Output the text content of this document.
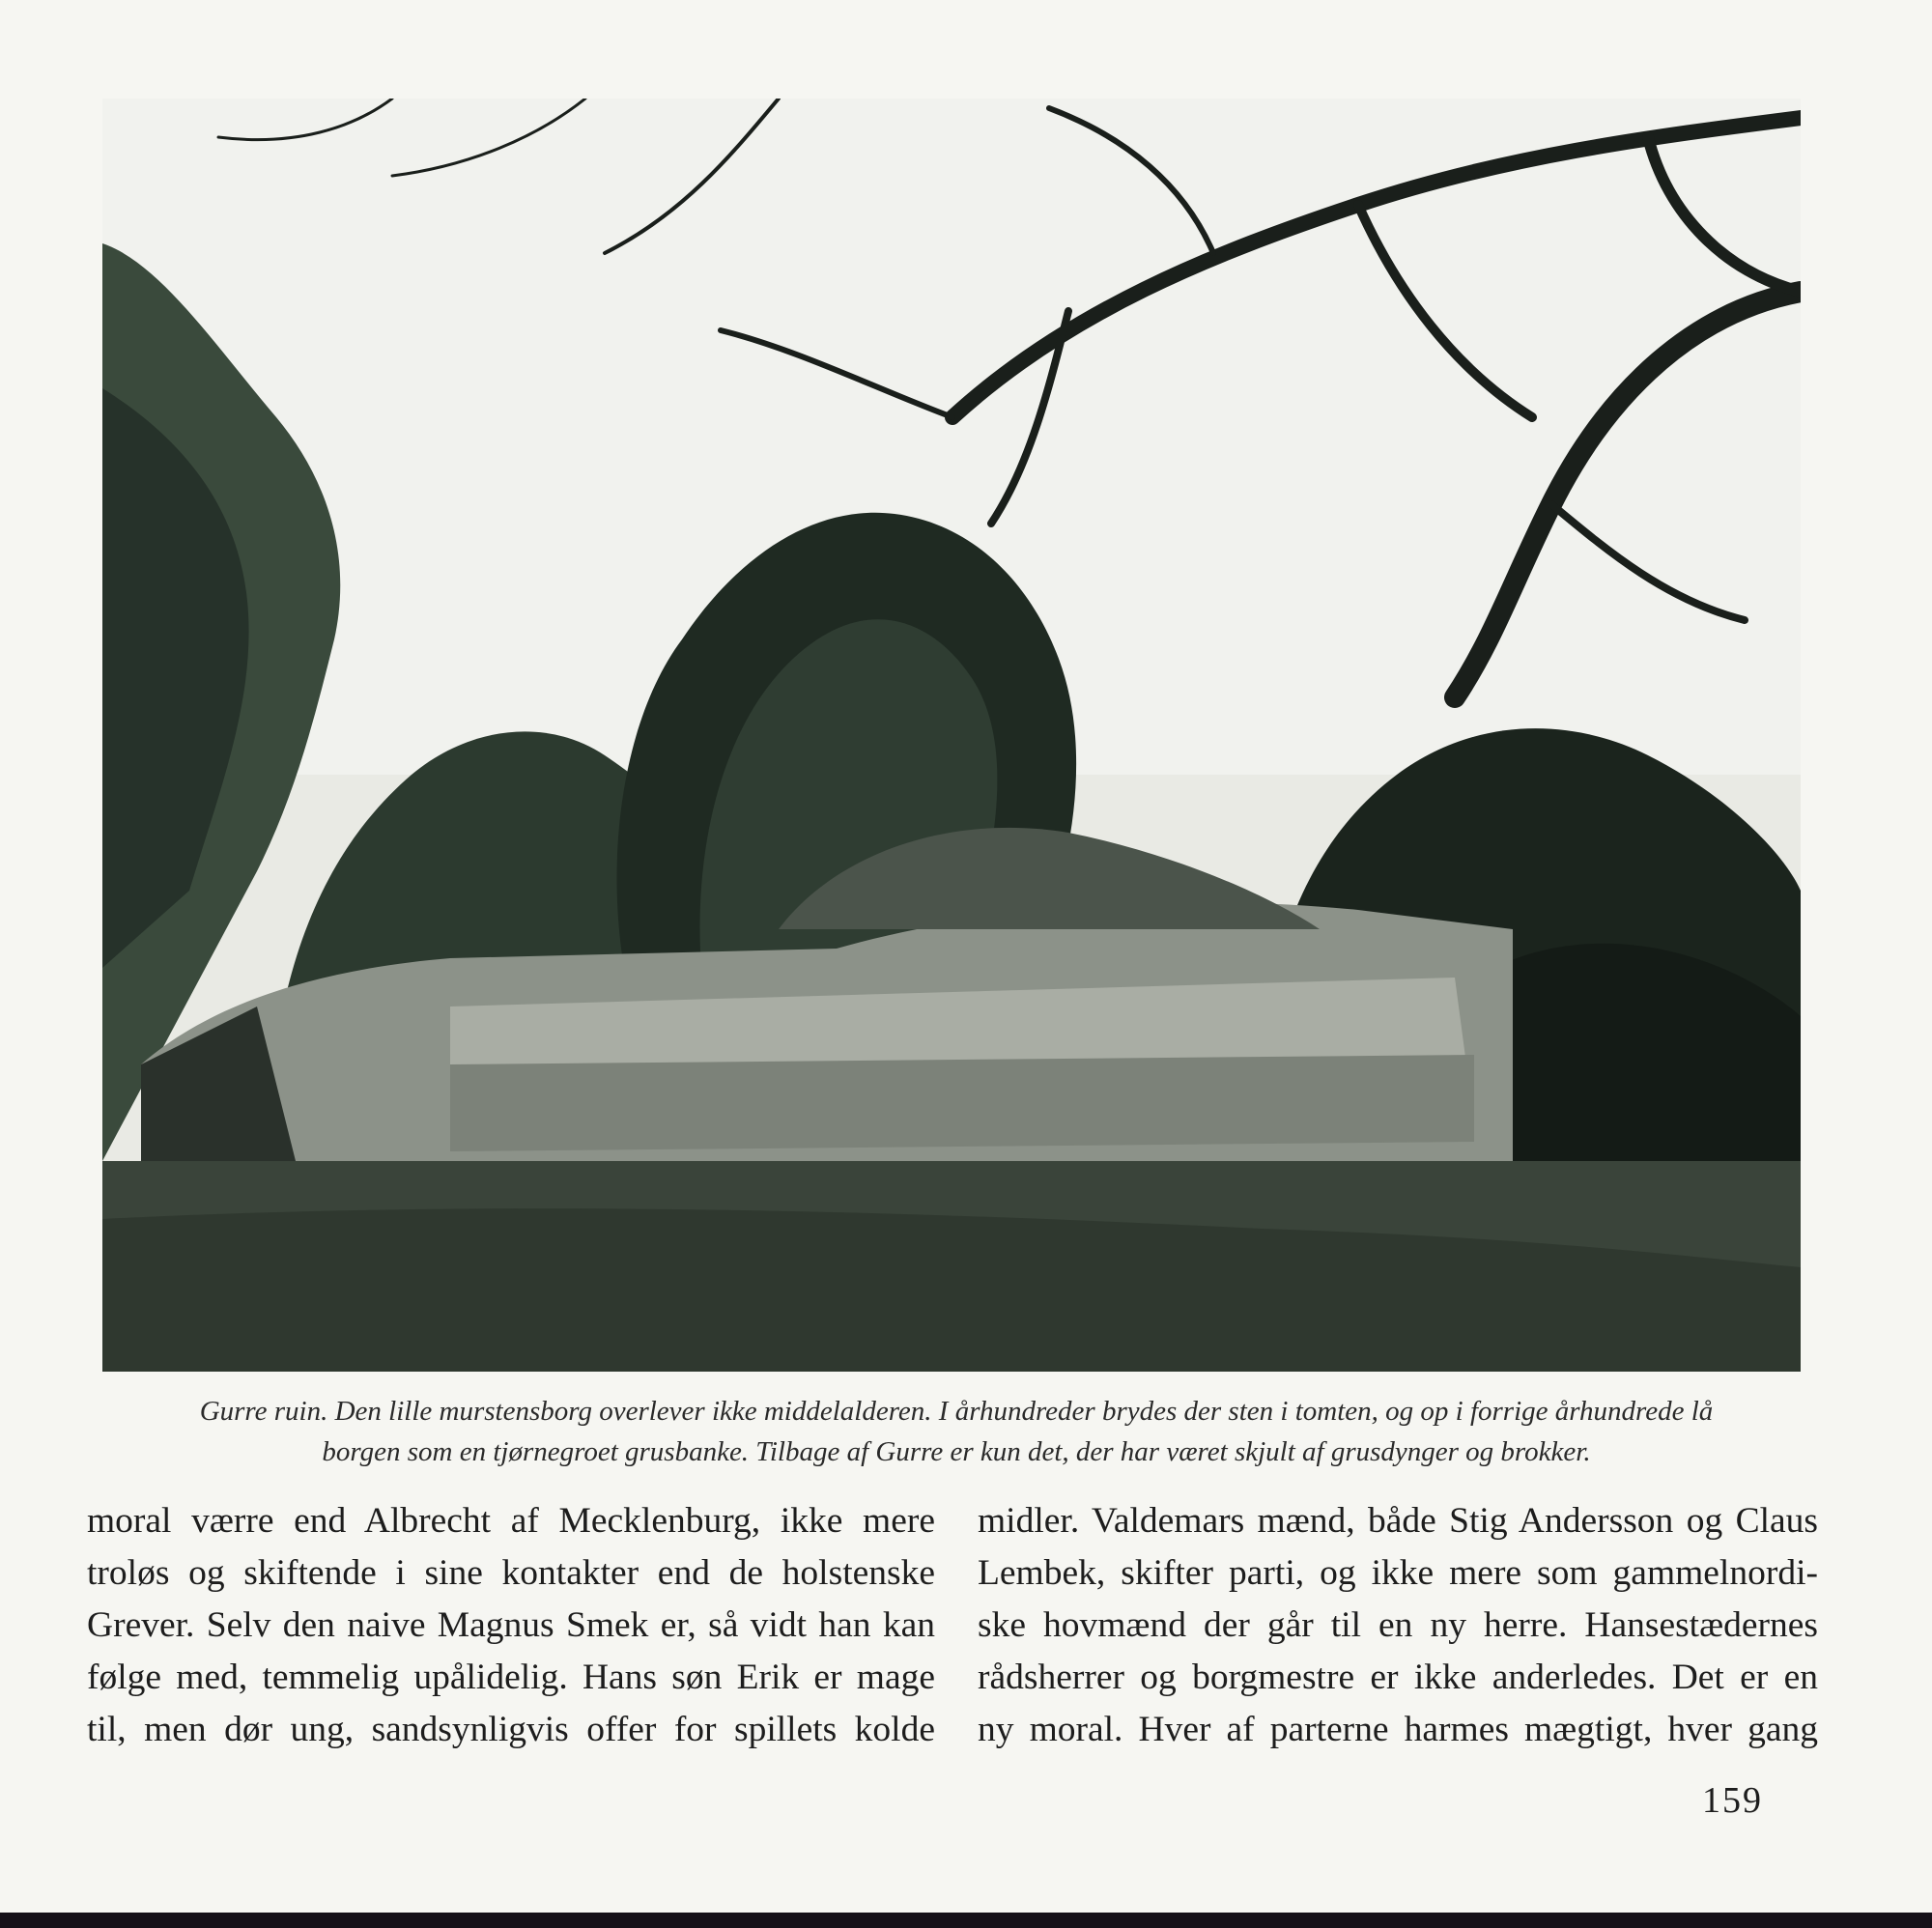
Gurre ruin. Den lille murstensborg overlever ikke middelalderen. I århundreder brydes der sten i tomten, og op i forrige århundrede lå
borgen som en tjørnegroet grusbanke. Tilbage af Gurre er kun det, der har været skjult af grusdynger og brokker.
moral værre end Albrecht af Mecklenburg, ikke mere
troløs og skiftende i sine kontakter end de holstenske
Grever. Selv den naive Magnus Smek er, så vidt han kan
følge med, temmelig upålidelig. Hans søn Erik er mage
til, men dør ung, sandsynligvis offer for spillets kolde
midler. Valdemars mænd, både Stig Andersson og Claus
Lembek, skifter parti, og ikke mere som gammelnordi-
ske hovmænd der går til en ny herre. Hansestædernes
rådsherrer og borgmestre er ikke anderledes. Det er en
ny moral. Hver af parterne harmes mægtigt, hver gang
159
